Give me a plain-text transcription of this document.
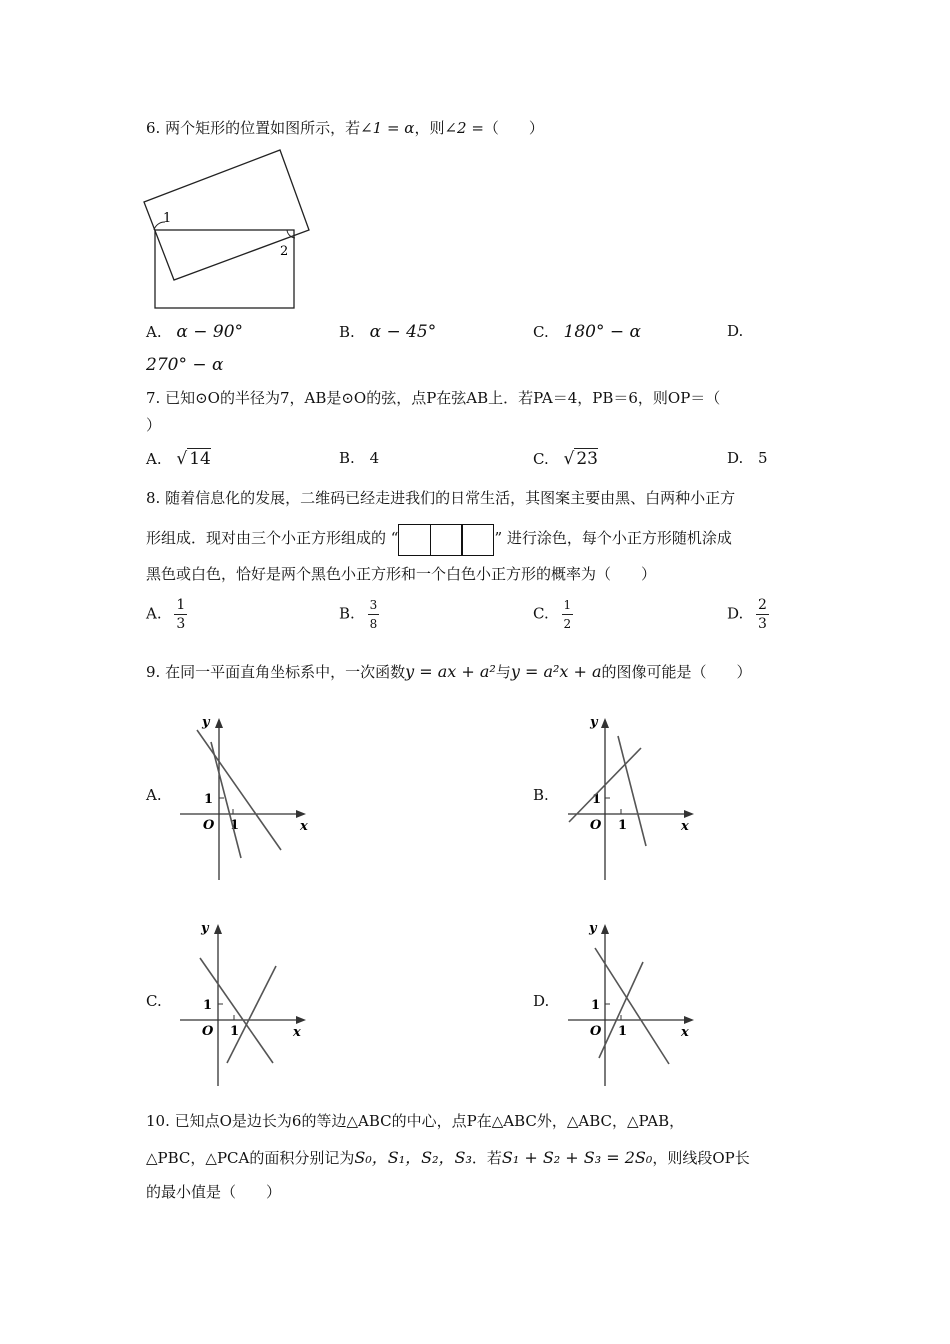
6. 两个矩形的位置如图所示，若∠1 = α，则∠2 =（　　）
1
2
A. α − 90°	B. α − 45°	C. 180° − α	D.
270° − α
7. 已知⊙O的半径为7，AB是⊙O的弦，点P在弦AB上．若PA＝4，PB＝6，则OP＝（
）
A. √ 14	B. 4	C. √ 23	D. 5
8. 随着信息化的发展，二维码已经走进我们的日常生活，其图案主要由黑、白两种小正方
形组成．现对由三个小正方形组成的 “	” 进行涂色，每个小正方形随机涂成
黑色或白色，恰好是两个黑色小正方形和一个白色小正方形的概率为（　　）
A. $\frac{1}{3}$	B. $\frac{3}{8}$	C. $\frac{1}{2}$	D. $\frac{2}{3}$
9. 在同一平面直角坐标系中，一次函数y = ax + a²与y = a²x + a的图像可能是（　　）
A.
x
y
O 1
1	B.
x
y
O 1
1
C.
x
y
O 1
1	D.
x
y
O 1
1
10. 已知点O是边长为6的等边△ABC的中心，点P在△ABC外，△ABC，△PAB，
△PBC，△PCA的面积分别记为S₀，S₁，S₂，S₃．若S₁ + S₂ + S₃ = 2S₀，则线段OP长
的最小值是（　　）
